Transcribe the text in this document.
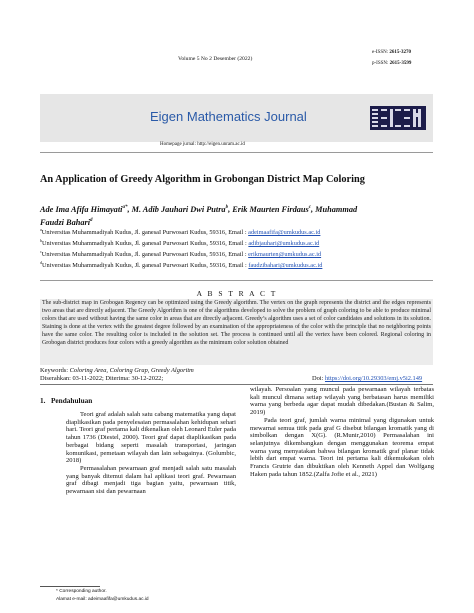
Volume 5 No 2 Desember (2022)
e-ISSN: 2615-3270
p-ISSN: 2615-3599
Eigen Mathematics Journal
Homepage jurnal: http://eigen.unram.ac.id
An Application of Greedy Algorithm in Grobongan District Map Coloring
Ade Ima Afifa Himayati$^{a*}$, M. Adib Jauhari Dwi Putra$^b$, Erik Maurten Firdaus$^c$, Muhammad
Faudzi Bahari$^d$
$^a$Universitas Muhammadiyah Kudus, Jl. ganesaI Purwosari Kudus, 59316, Email : adeimaafifa@umkudus.ac.id
$^b$Universitas Muhammadiyah Kudus, Jl. ganesaI Purwosari Kudus, 59316, Email : adibjauhari@umkudus.ac.id
$^c$Universitas Muhammadiyah Kudus, Jl. ganesaI Purwosari Kudus, 59316, Email : erikmaurten@umkudus.ac.id
$^d$Universitas Muhammadiyah Kudus, Jl. ganesaI Purwosari Kudus, 59316, Email : faudzibahari@umkudus.ac.id
A B S T R A C T
The sub-district map in Grobogan Regency can be optimized using the Greedy algorithm. The vertex on the graph represents the district and the edges represents two areas that are directly adjacent. The Greedy Algorithm is one of the algorithms developed to solve the problem of graph coloring to be able to produce minimal colors that are used without having the same color in areas that are directly adjacent. Greedy’s algorithm uses a set of color candidates and solutions in its solution. Staining is done at the vertex with the greatest degree followed by an examination of the appropriateness of the color with the principle that no neighboring points have the same color. The resulting color is included in the solution set. The process is continued until all the vertex have been colored. Regional coloring in Grobogan district produces four colors with a greedy algorithm as the minimum color solution obtained
Keywords: Coloring Area, Coloring Grap, Greedy Algoritm
Diserahkan: 03-11-2022; Diterima: 30-12-2022;	Doi: https://doi.org/10.29303/emj.v5i2.149
1. Pendahuluan

Teori graf adalah salah satu cabang matematika yang dapat diaplikasikan pada penyelesaian permasalahan kehidupan sehari hari. Teori graf pertama kali dikenalkan oleh Leonard Euler pada tahun 1736 (Diestel, 2000). Teori graf dapat diaplikasikan pada berbagai bidang seperti masalah transportasi, jaringan komunikasi, pemetaan wilayah dan lain sebagainya. (Golumbic, 2018)

Permasalahan pewarnaan graf menjadi salah satu masalah yang banyak ditemui dalam hal aplikasi teori graf. Pewarnaan graf dibagi menjadi tiga bagian yaitu, pewarnaan titik, pewarnaan sisi dan pewarnaan

wilayah. Persoalan yang muncul pada pewarnaan wilayah terbatas kali muncul dimana setiap wilayah yang berbatasan harus memiliki warna yang berbeda agar dapat mudah dibedakan.(Bustan & Salim, 2019)

Pada teori graf, jumlah warna minimal yang digunakan untuk mewarnai semua titik pada graf G disebut bilangan kromatik yang di simbolkan dengan X(G). (R.Munir,2010) Permasalahan ini selanjutnya dikembangkan dengan menggunakan teorema empat warna yang menyatakan bahwa bilangan kromatik graf planar tidak lebih dari empat warna. Teori ini pertama kali dikemukakan oleh Francis Grutrie dan dibuktikan oleh Kenneth Appel dan Wolfgang Haken pada tahun 1852.(Zalfa Jofie et al., 2021)

* Corresponding author.
Alamat e-mail: adeimaafifa@umkudus.ac.id
